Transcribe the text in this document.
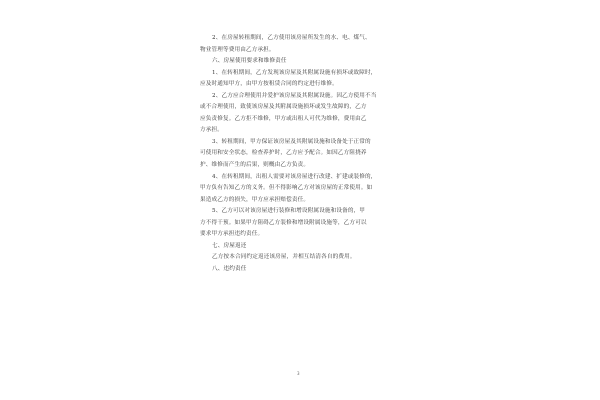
2、在房屋转租期间，乙方使用该房屋所发生的水、电、煤气、
物业管理等费用由乙方承担。
六、房屋使用要求和维修责任
1、在转租期间，乙方发现该房屋及其附属设施有损坏或故障时，
应及时通知甲方，由甲方按租赁合同的约定进行维修。
2、乙方应合理使用并爱护该房屋及其附属设施。因乙方使用不当
或不合理使用，致使该房屋及其附属设施损坏或发生故障的，乙方
应负责修复。乙方拒不维修，甲方或出租人可代为维修，费用由乙
方承担。
3、转租期间，甲方保证该房屋及其附属设施和设备处于正常的
可使用和安全状态，检查养护时，乙方应予配合。如因乙方阻挠养
护、维修而产生的后果，则概由乙方负责。
4、在转租期间，出租人需要对该房屋进行改建、扩建或装修的，
甲方负有告知乙方的义务。但不得影响乙方对该房屋的正常使用。如
果造成乙方的损失，甲方应承担赔偿责任。
5、乙方可以对该房屋进行装修和增设附属设施和设备的，甲
方不得干预。如果甲方阻碍乙方装修和增设附属设施等，乙方可以
要求甲方承担违约责任。
七、房屋返还
乙方按本合同约定返还该房屋，并相互结清各自的费用。
八、违约责任
3
